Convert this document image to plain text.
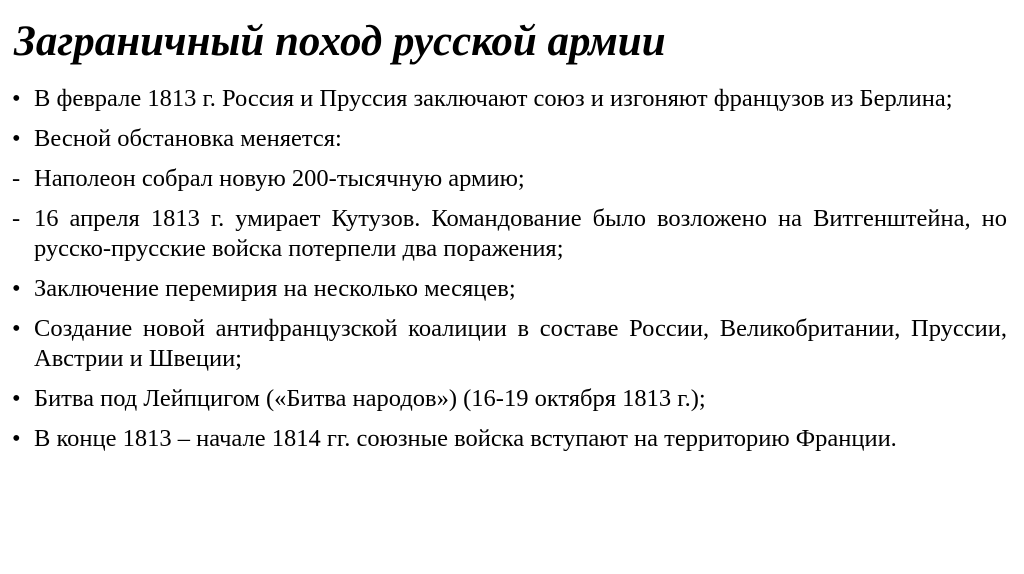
Заграничный поход русской армии
• В феврале 1813 г. Россия и Пруссия заключают союз и изгоняют французов из Берлина;
• Весной обстановка меняется:
- Наполеон собрал новую 200-тысячную армию;
- 16 апреля 1813 г. умирает Кутузов. Командование было возложено на Витгенштейна, но русско-прусские войска потерпели два поражения;
• Заключение перемирия на несколько месяцев;
• Создание новой антифранцузской коалиции в составе России, Великобритании, Пруссии, Австрии и Швеции;
• Битва под Лейпцигом («Битва народов») (16-19 октября 1813 г.);
• В конце 1813 – начале 1814 гг. союзные войска вступают на территорию Франции.
